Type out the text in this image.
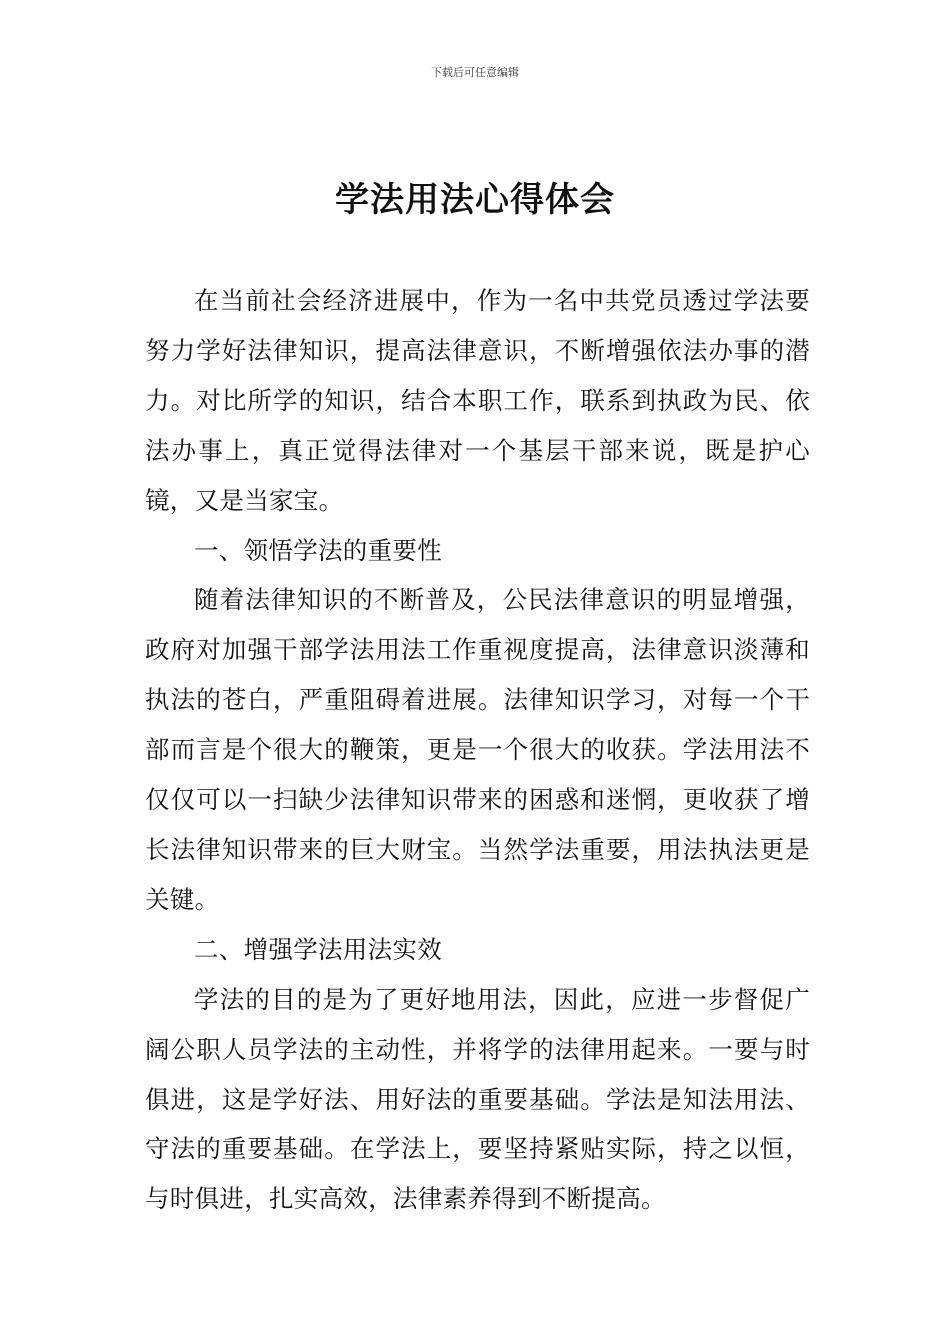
下载后可任意编辑
学法用法心得体会

在当前社会经济进展中，作为一名中共党员透过学法要努力学好法律知识，提高法律意识，不断增强依法办事的潜力。对比所学的知识，结合本职工作，联系到执政为民、依法办事上，真正觉得法律对一个基层干部来说，既是护心镜，又是当家宝。

一、领悟学法的重要性

随着法律知识的不断普及，公民法律意识的明显增强，政府对加强干部学法用法工作重视度提高，法律意识淡薄和执法的苍白，严重阻碍着进展。法律知识学习，对每一个干部而言是个很大的鞭策，更是一个很大的收获。学法用法不仅仅可以一扫缺少法律知识带来的困惑和迷惘，更收获了增长法律知识带来的巨大财宝。当然学法重要，用法执法更是关键。

二、增强学法用法实效

学法的目的是为了更好地用法，因此，应进一步督促广阔公职人员学法的主动性，并将学的法律用起来。一要与时俱进，这是学好法、用好法的重要基础。学法是知法用法、守法的重要基础。在学法上，要坚持紧贴实际，持之以恒，与时俱进，扎实高效，法律素养得到不断提高。
